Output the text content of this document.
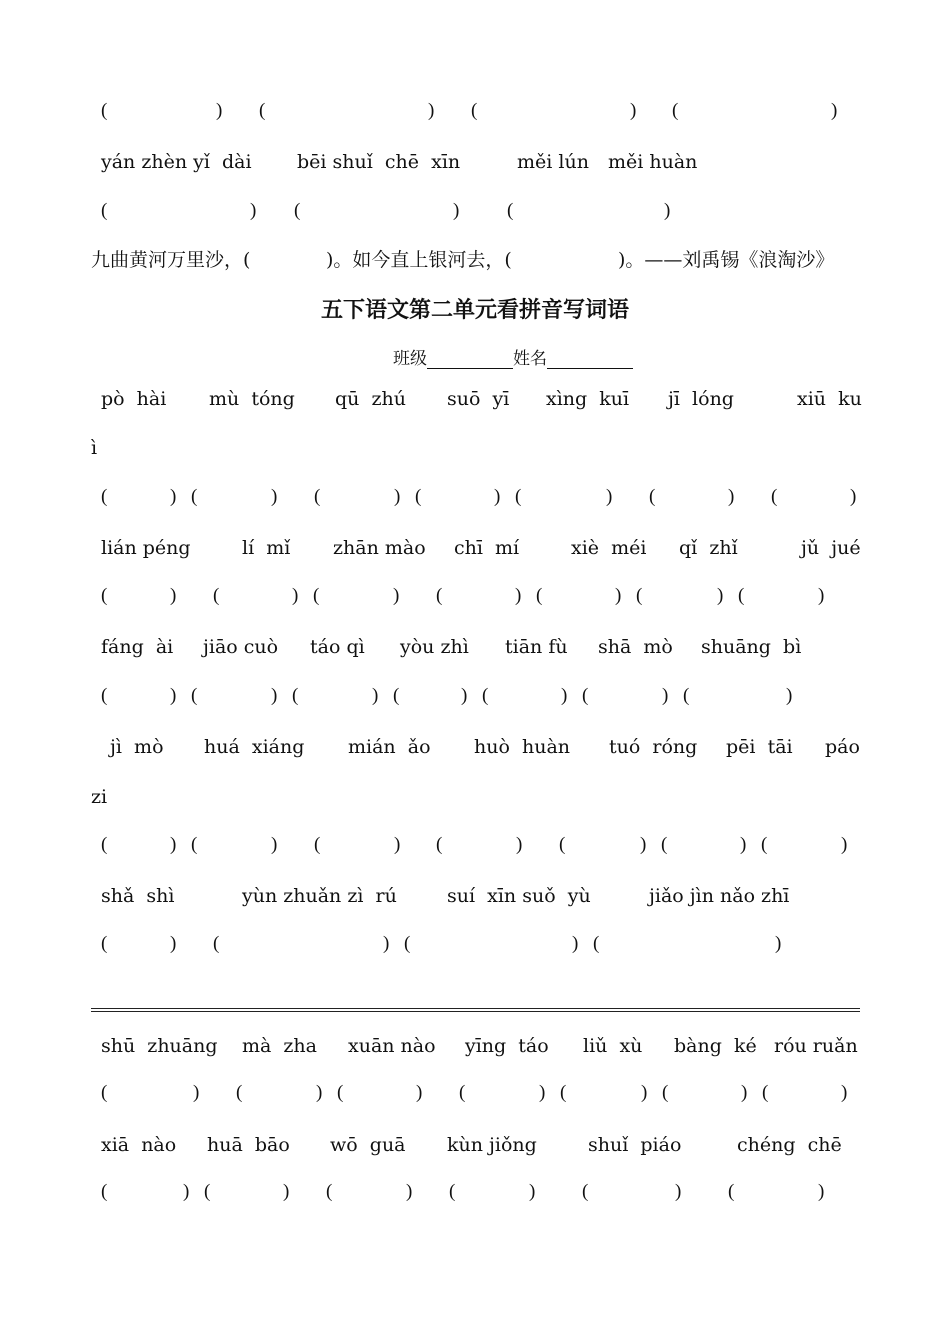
(	) (	) (	) (	)
yán zhèn yǐ  dài bēi shuǐ  chē  xīn	měi lún měi huàn
(	) (	)	(	)
九曲黄河万里沙，(	)。如今直上银河去，(	)。——刘禹锡《浪淘沙》
pò  hài mù  tóng qū  zhú suō  yī xìng  kuī jī  lóng	xiū  ku
ì
(	) (	) (	) (	) (	) (	) (	)
lián péng	lí  mǐ zhān mào chī  mí	xiè  méi qǐ  zhǐ	jǔ  jué
(	) (	) (	) (	) (	) (	) (	)
fáng  ài jiāo cuò táo qì yòu zhì tiān fù shā  mò shuāng  bì
(	) (	) (	) (	) (	) (	) (	)
jì  mò huá  xiáng mián  ǎo huò  huàn tuó  róng pēi  tāi páo
zi
(	) (	) (	) (	) (	) (	) (	)
shǎ  shì	yùn zhuǎn zì  rú	suí  xīn suǒ  yù	jiǎo jìn nǎo zhī
(	) (	) (	) (	)
shū  zhuāng mà  zha xuān nào yīng  táo liǔ  xù bàng  ké róu ruǎn
(	) (	) (	) (	) (	) (	) (	)
xiā  nào huā  bāo wō  guā kùn jiǒng	shuǐ  piáo	chéng  chē
(	) (	) (	) (	) (	) (	)
五下语文第二单元看拼音写词语
班级	姓名
